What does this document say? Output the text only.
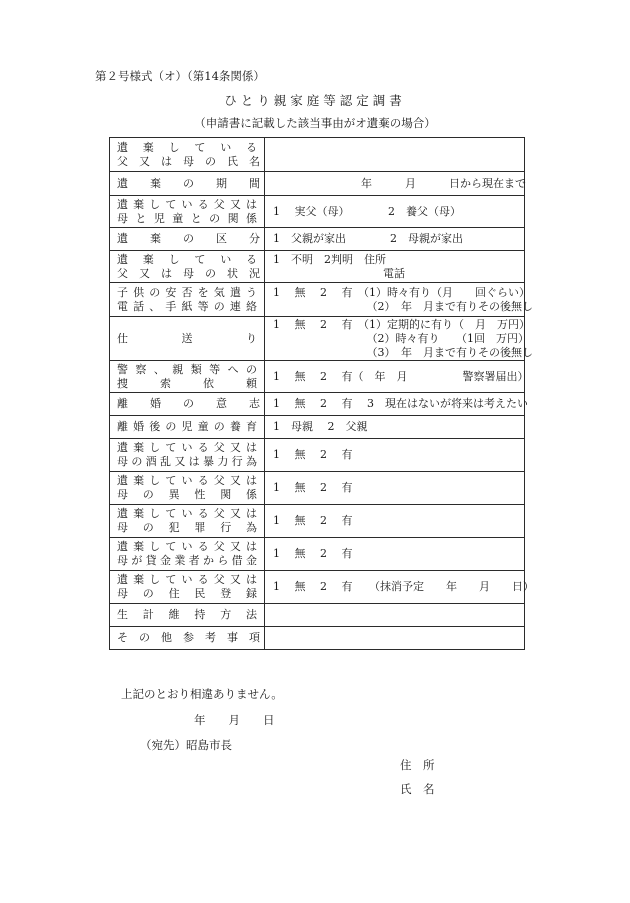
第２号様式（オ）（第14条関係）
ひとり親家庭等認定調書
（申請書に記載した該当事由がオ遺棄の場合）
遺　棄　し　て　い　る
父　又　は　母　の　氏　名	

遺　　棄　　の　　期　　間	　　　　　　　　年　　　月　　　日から現在まで

遺棄している父又は
母と児童との関係	1　 実父（母）　　　　2　養父（母）

遺　　棄　　の　　区　　分	1　父親が家出　　　　2　母親が家出

遺　棄　し　て　い　る
父　又　は　母　の　状　況	1　不明　2判明　住所
　　　　　　　　　　電話

子供の安否を気遣う
電話、手紙等の連絡	1　 無　 2　 有　（1）時々有り（月　　回ぐらい）
　　　　　　　　　（2）　年　月まで有りその後無し

仕　　　　送　　　　り	1　 無　 2　 有　（1）定期的に有り（　月　万円）
　　　　　　　　　（2）時々有り　　（1回　万円）
　　　　　　　　　（3）　年　月まで有りその後無し

警察、親類等への
捜　　索　　依　　頼	1　 無　 2　 有（　年　月　　　　　警察署届出）

離　　婚　　の　　意　　志	1　 無　 2　 有　 3　現在はないが将来は考えたい

離婚後の児童の養育	1　母親　 2　父親

遺棄している父又は
母の酒乱又は暴力行為	1　 無　 2　 有

遺棄している父又は
母　の　異　性　関　係	1　 無　 2　 有

遺棄している父又は
母　の　犯　罪　行　為	1　 無　 2　 有

遺棄している父又は
母が貸金業者から借金	1　 無　 2　 有

遺棄している父又は
母　の　住　民　登　録	1　 無　 2　 有　　（抹消予定　　年　　月　　日）

生　計　維　持　方　法	

そ　の　他　参　考　事　項	

上記のとおり相違ありません。
年　　月　　日
（宛先）昭島市長
住　所
氏　名
